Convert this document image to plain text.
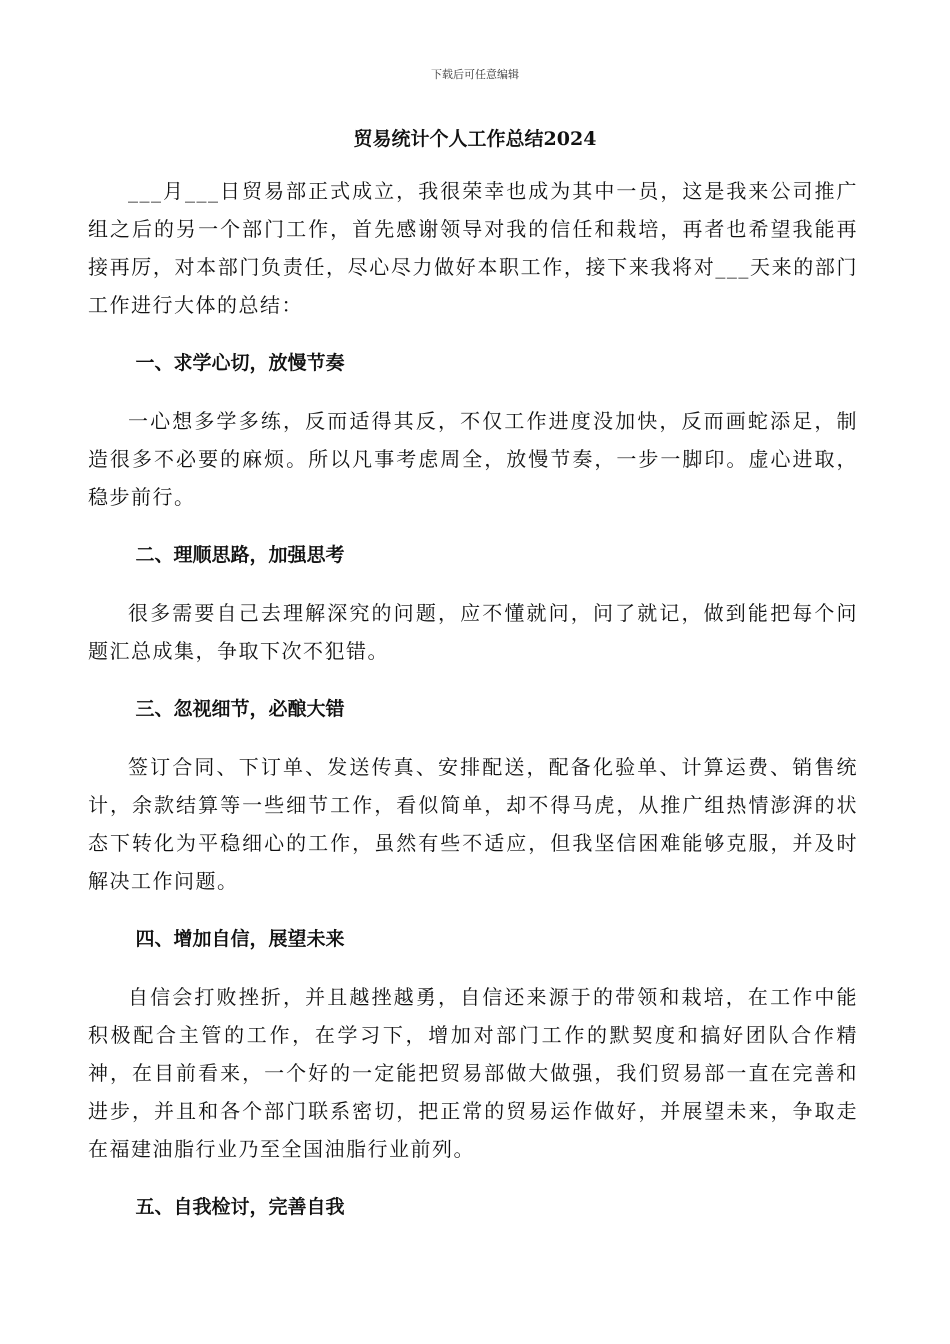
下载后可任意编辑
贸易统计个人工作总结2024

___月___日贸易部正式成立，我很荣幸也成为其中一员，这是我来公司推广组之后的另一个部门工作，首先感谢领导对我的信任和栽培，再者也希望我能再接再厉，对本部门负责任，尽心尽力做好本职工作，接下来我将对___天来的部门工作进行大体的总结：

一、求学心切，放慢节奏

一心想多学多练，反而适得其反，不仅工作进度没加快，反而画蛇添足，制造很多不必要的麻烦。所以凡事考虑周全，放慢节奏，一步一脚印。虚心进取，稳步前行。

二、理顺思路，加强思考

很多需要自己去理解深究的问题，应不懂就问，问了就记，做到能把每个问题汇总成集，争取下次不犯错。

三、忽视细节，必酿大错

签订合同、下订单、发送传真、安排配送，配备化验单、计算运费、销售统计，余款结算等一些细节工作，看似简单，却不得马虎，从推广组热情澎湃的状态下转化为平稳细心的工作，虽然有些不适应，但我坚信困难能够克服，并及时解决工作问题。

四、增加自信，展望未来

自信会打败挫折，并且越挫越勇，自信还来源于的带领和栽培，在工作中能积极配合主管的工作，在学习下，增加对部门工作的默契度和搞好团队合作精神，在目前看来，一个好的一定能把贸易部做大做强，我们贸易部一直在完善和进步，并且和各个部门联系密切，把正常的贸易运作做好，并展望未来，争取走在福建油脂行业乃至全国油脂行业前列。

五、自我检讨，完善自我
